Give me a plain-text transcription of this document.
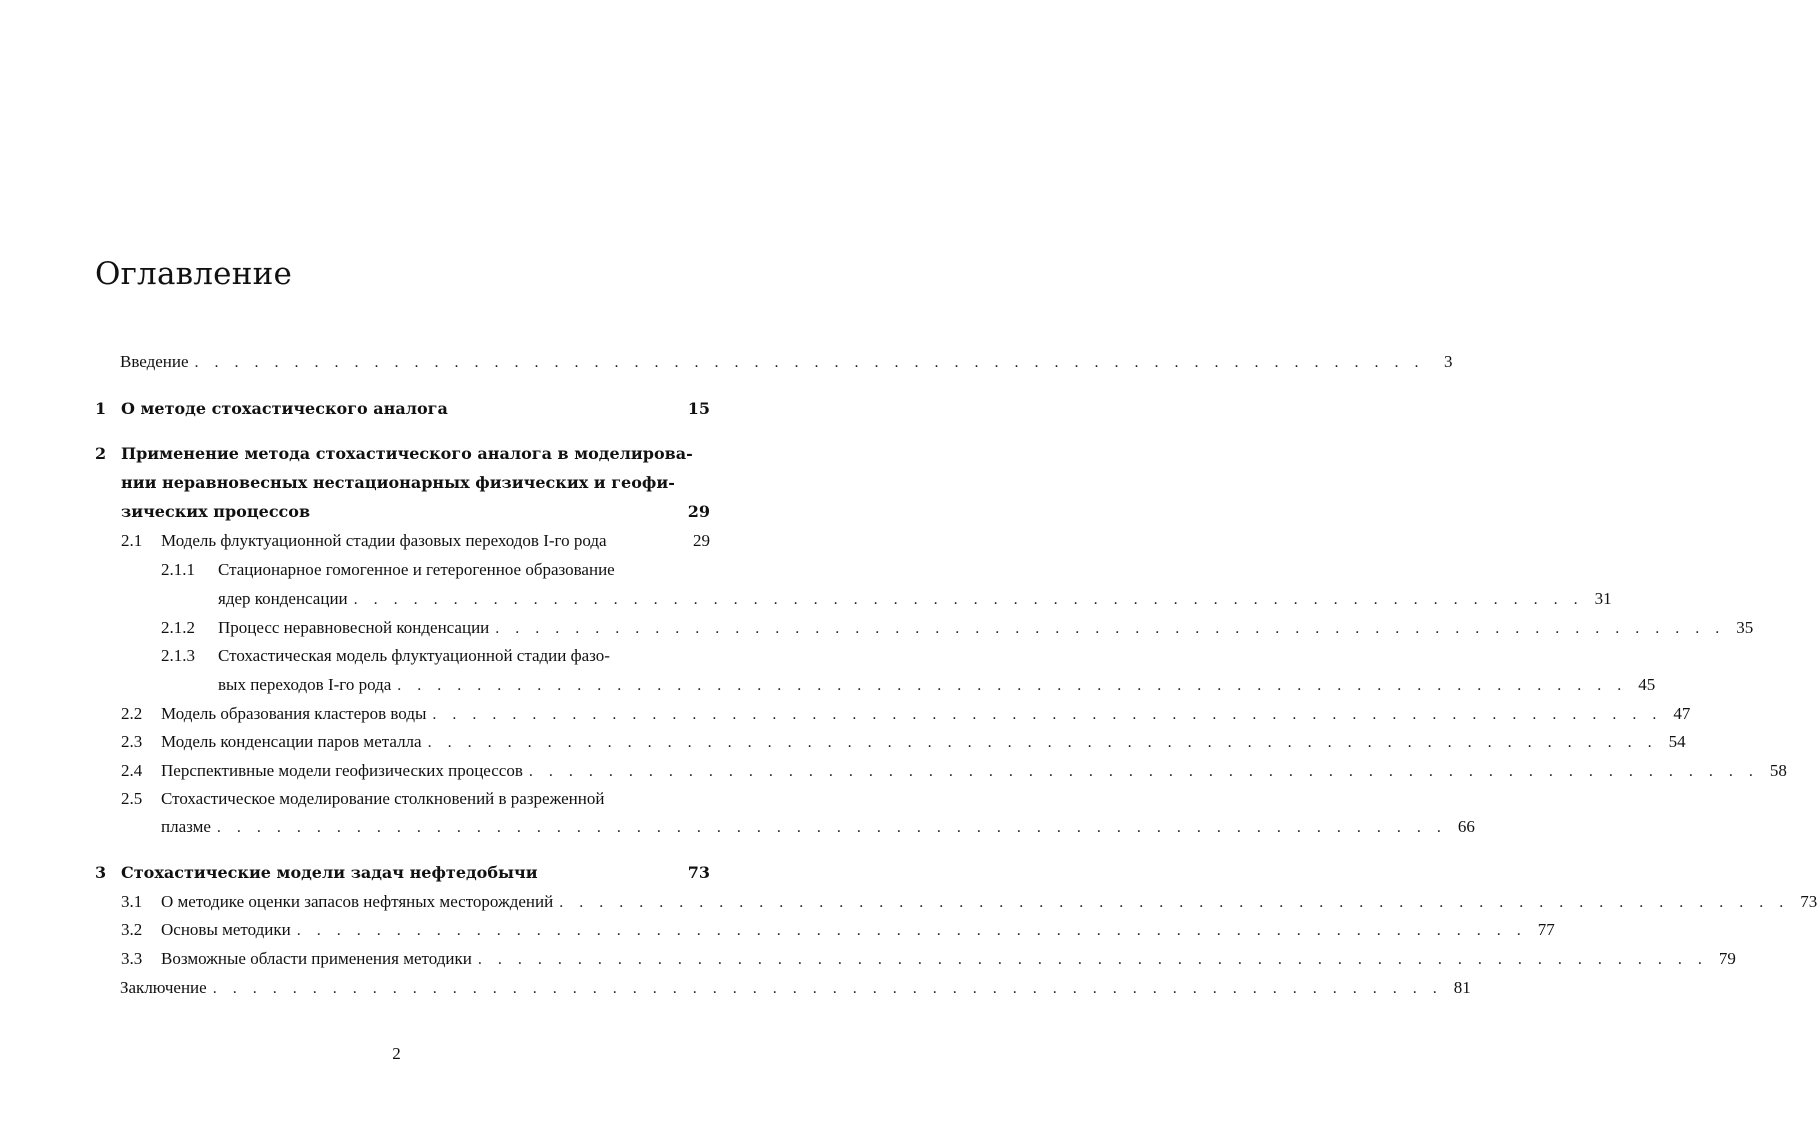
Оглавление
Введение . . . . . . . . . . . . . . . . . . . . . . . . . . . . . . . . . . . . . . . . . . . . . . . . . . . . . . . . . . . . . .	3
1 О методе стохастического аналога	15
2 Применение метода стохастического аналога в моделирова-
нии неравновесных нестационарных физических и геофи-
зических процессов	29
2.1	Модель флуктуационной стадии фазовых переходов I-го рода	29
2.1.1	Стационарное гомогенное и гетерогенное образование
ядер конденсации . . . . . . . . . . . . . . . . . . . . . . . . . . . . . . . . . . . . . . . . . . . . . . . . . . . . . . . . . . . . . . 31
2.1.2	Процесс неравновесной конденсации . . . . . . . . . . . . . . . . . . . . . . . . . . . . . . . . . . . . . . . . . . . . . . . . . . . . . . . . . . . . . . 35
2.1.3	Стохастическая модель флуктуационной стадии фазо-
вых переходов I-го рода . . . . . . . . . . . . . . . . . . . . . . . . . . . . . . . . . . . . . . . . . . . . . . . . . . . . . . . . . . . . . . 45
2.2	Модель образования кластеров воды . . . . . . . . . . . . . . . . . . . . . . . . . . . . . . . . . . . . . . . . . . . . . . . . . . . . . . . . . . . . . . 47
2.3	Модель конденсации паров металла . . . . . . . . . . . . . . . . . . . . . . . . . . . . . . . . . . . . . . . . . . . . . . . . . . . . . . . . . . . . . . 54
2.4	Перспективные модели геофизических процессов . . . . . . . . . . . . . . . . . . . . . . . . . . . . . . . . . . . . . . . . . . . . . . . . . . . . . . . . . . . . . . 58
2.5	Стохастическое моделирование столкновений в разреженной
плазме . . . . . . . . . . . . . . . . . . . . . . . . . . . . . . . . . . . . . . . . . . . . . . . . . . . . . . . . . . . . . . 66
3 Стохастические модели задач нефтедобычи	73
3.1	О методике оценки запасов нефтяных месторождений . . . . . . . . . . . . . . . . . . . . . . . . . . . . . . . . . . . . . . . . . . . . . . . . . . . . . . . . . . . . . . 73
3.2	Основы методики . . . . . . . . . . . . . . . . . . . . . . . . . . . . . . . . . . . . . . . . . . . . . . . . . . . . . . . . . . . . . . 77
3.3	Возможные области применения методики . . . . . . . . . . . . . . . . . . . . . . . . . . . . . . . . . . . . . . . . . . . . . . . . . . . . . . . . . . . . . . 79
Заключение . . . . . . . . . . . . . . . . . . . . . . . . . . . . . . . . . . . . . . . . . . . . . . . . . . . . . . . . . . . . . . 81
2
